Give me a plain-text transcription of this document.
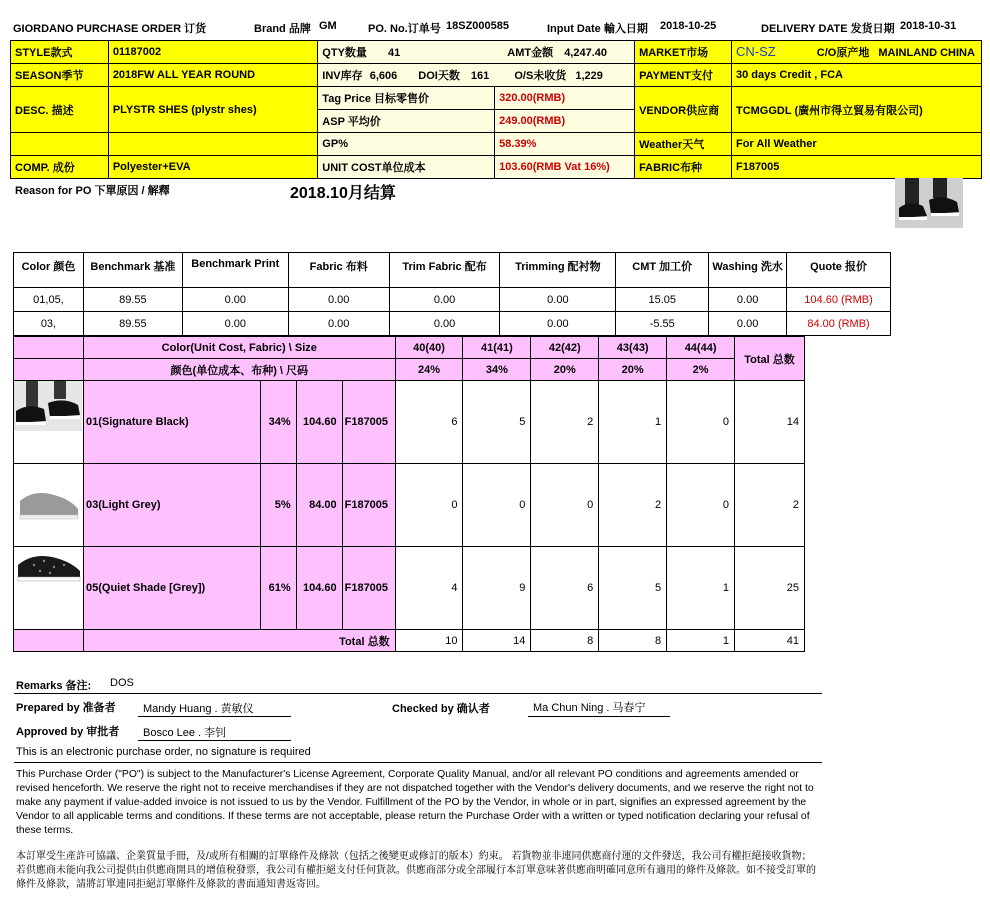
GIORDANO PURCHASE ORDER 订货	Brand 品牌 GM	PO. No.订单号 18SZ000585	Input Date 輸入日期 2018-10-25	DELIVERY DATE 发货日期 2018-10-31
STYLE款式	01187002	QTY数量 41 AMT金额 4,247.40		MARKET市场	CN-SZ C/O原产地 MAINLAND CHINA
SEASON季节	2018FW ALL YEAR ROUND	INV库存 6,606 DOI天数 161 O/S未收货 1,229		PAYMENT支付	30 days Credit , FCA
DESC. 描述	PLYSTR SHES (plystr shes)	Tag Price 目标零售价	320.00(RMB)	VENDOR供应商	TCMGGDL (廣州市得立貿易有限公司)
		ASP 平均价	249.00(RMB)		
		GP%	58.39%	Weather天气	For All Weather
COMP. 成份	Polyester+EVA	UNIT COST单位成本	103.60(RMB Vat 16%)	FABRIC布种	F187005
Reason for PO 下單原因 / 解釋	2018.10月结算
Color 颜色	Benchmark 基准	Benchmark Print	Fabric 布料	Trim Fabric 配布	Trimming 配衬物	CMT 加工价	Washing 洗水	Quote 报价
01,05,	89.55	0.00	0.00	0.00	0.00	15.05	0.00	104.60 (RMB)
03,	89.55	0.00	0.00	0.00	0.00	-5.55	0.00	84.00 (RMB)
	Color(Unit Cost, Fabric) \ Size				40(40)	41(41)	42(42)	43(43)	44(44)	Total 总数
	颜色(单位成本、布种) \ 尺码				24%	34%	20%	20%	2%	
	01(Signature Black)	34%	104.60	F187005	6	5	2	1	0	14
	03(Light Grey)	5%	84.00	F187005	0	0	0	2	0	2
	05(Quiet Shade [Grey])	61%	104.60	F187005	4	9	6	5	1	25
	Total 总数				10	14	8	8	1	41
Remarks 备注: DOS
Prepared by 准备者 Mandy Huang . 黄敏仪	Checked by 确认者	Ma Chun Ning . 马春宁
Approved by 审批者 Bosco Lee . 李钊
This is an electronic purchase order, no signature is required
This Purchase Order ("PO") is subject to the Manufacturer's License Agreement, Corporate Quality Manual, and/or all relevant PO conditions and agreements amended or revised henceforth. We reserve the right not to receive merchandises if they are not dispatched together with the Vendor's delivery documents, and we reserve the right not to make any payment if value-added invoice is not issued to us by the Vendor. Fulfillment of the PO by the Vendor, in whole or in part, signifies an expressed agreement by the Vendor to all applicable terms and conditions. If these terms are not acceptable, please return the Purchase Order with a written or typed notification declaring your refusal of these terms.
本訂單受生產許可協議、企業質量手冊，及/或所有相關的訂單條件及條款（包括之後變更或修訂的版本）約束。 若貨物並非連同供應商付運的文件發送，我公司有權拒絕接收貨物；若供應商未能向我公司提供由供應商開具的增值稅發票，我公司有權拒絕支付任何貨款。供應商部分或全部履行本訂單意味著供應商明確同意所有適用的條件及條款。如不接受訂單的條件及條款，請將訂單連同拒絕訂單條件及條款的書面通知書返寄回。
